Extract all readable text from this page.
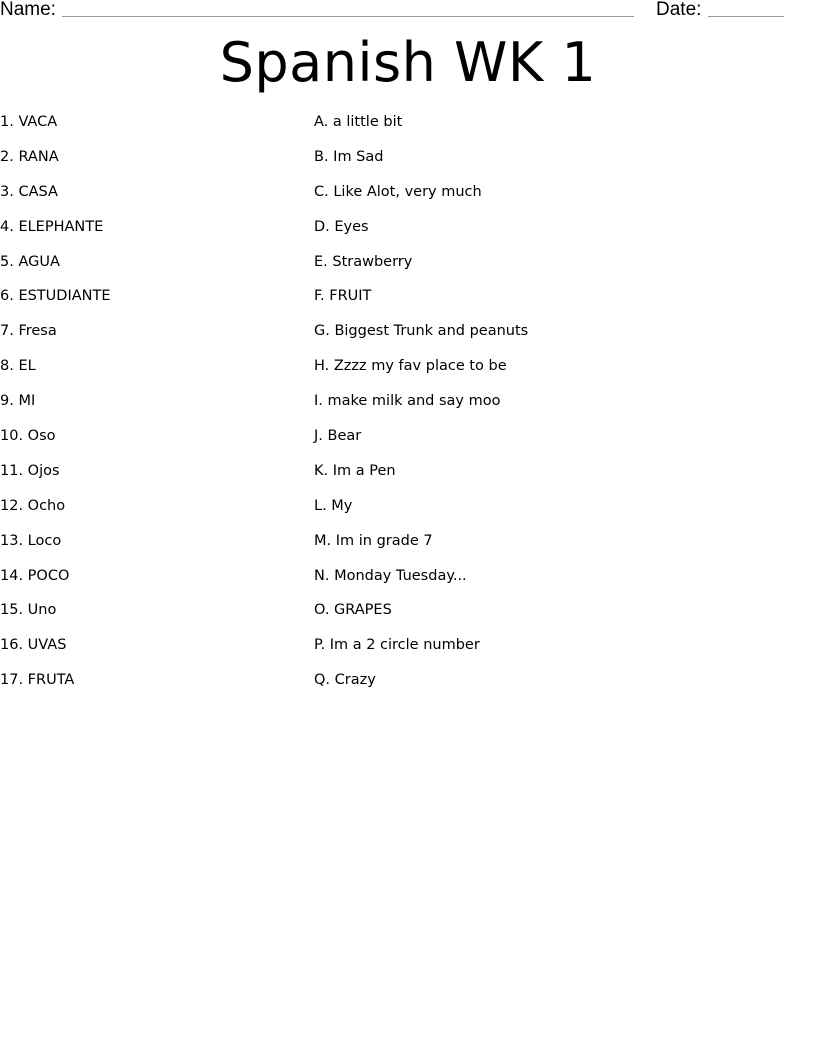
Name:	Date:
Spanish WK 1
1. VACA
2. RANA
3. CASA
4. ELEPHANTE
5. AGUA
6. ESTUDIANTE
7. Fresa
8. EL
9. MI
10. Oso
11. Ojos
12. Ocho
13. Loco
14. POCO
15. Uno
16. UVAS
17. FRUTA
A. a little bit
B. Im Sad
C. Like Alot, very much
D. Eyes
E. Strawberry
F. FRUIT
G. Biggest Trunk and peanuts
H. Zzzz my fav place to be
I. make milk and say moo
J. Bear
K. Im a Pen
L. My
M. Im in grade 7
N. Monday Tuesday...
O. GRAPES
P. Im a 2 circle number
Q. Crazy
